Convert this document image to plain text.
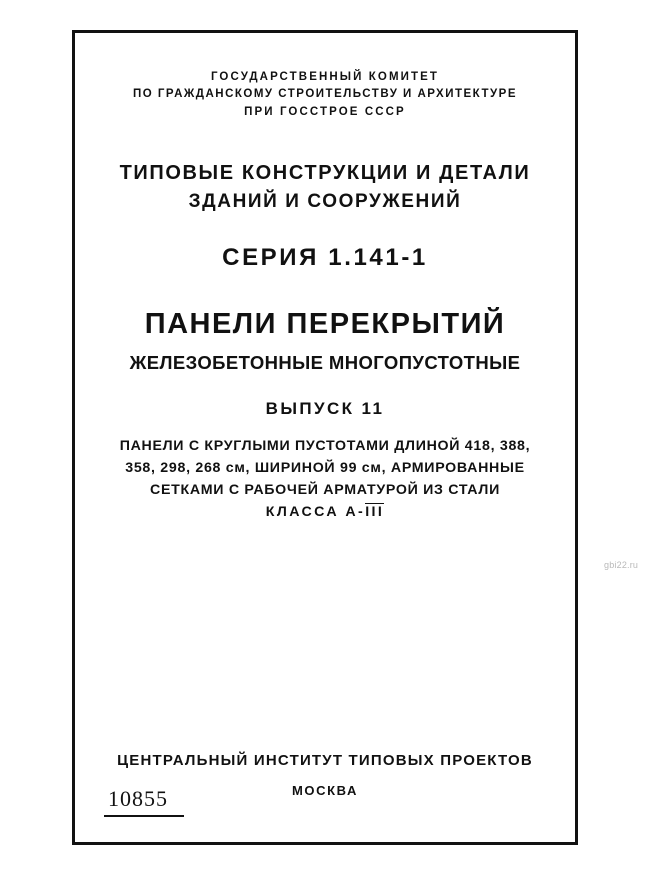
ГОСУДАРСТВЕННЫЙ КОМИТЕТ
ПО ГРАЖДАНСКОМУ СТРОИТЕЛЬСТВУ И АРХИТЕКТУРЕ
ПРИ ГОССТРОЕ СССР
ТИПОВЫЕ КОНСТРУКЦИИ И ДЕТАЛИ
ЗДАНИЙ И СООРУЖЕНИЙ
СЕРИЯ 1.141-1
ПАНЕЛИ ПЕРЕКРЫТИЙ
ЖЕЛЕЗОБЕТОННЫЕ МНОГОПУСТОТНЫЕ
ВЫПУСК 11
ПАНЕЛИ С КРУГЛЫМИ ПУСТОТАМИ ДЛИНОЙ 418, 388,
358, 298, 268 см, ШИРИНОЙ 99 см, АРМИРОВАННЫЕ
СЕТКАМИ С РАБОЧЕЙ АРМАТУРОЙ ИЗ СТАЛИ
КЛАССА А-III
ЦЕНТРАЛЬНЫЙ ИНСТИТУТ ТИПОВЫХ ПРОЕКТОВ
МОСКВА
10855
gbi22.ru
